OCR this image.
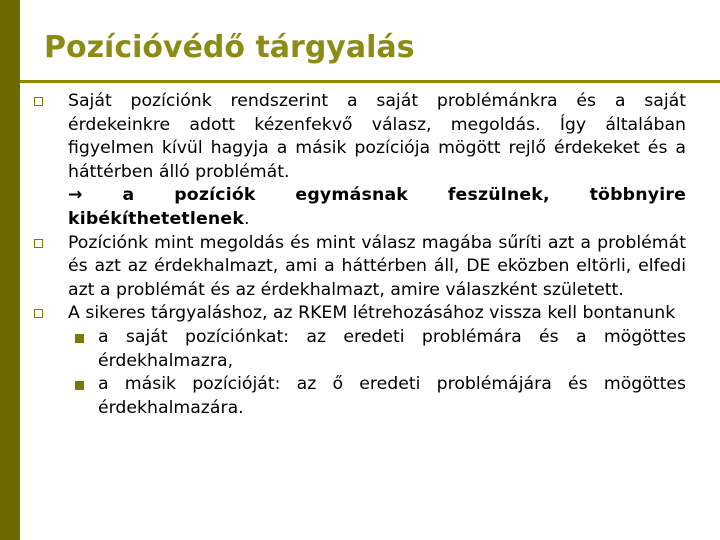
Pozícióvédő tárgyalás
Saját pozíciónk rendszerint a saját problémánkra és a saját érdekeinkre adott kézenfekvő válasz, megoldás. Így általában figyelmen kívül hagyja a másik pozíciója mögött rejlő érdekeket és a háttérben álló problémát.
→ a pozíciók egymásnak feszülnek, többnyire kibékíthetetlenek.
Pozíciónk mint megoldás és mint válasz magába sűríti azt a problémát és azt az érdekhalmazt, ami a háttérben áll, DE eközben eltörli, elfedi azt a problémát és az érdekhalmazt, amire válaszként született.
A sikeres tárgyaláshoz, az RKEM létrehozásához vissza kell bontanunk
a saját pozíciónkat: az eredeti problémára és a mögöttes érdekhalmazra,
a másik pozícióját: az ő eredeti problémájára és mögöttes érdekhalmazára.
